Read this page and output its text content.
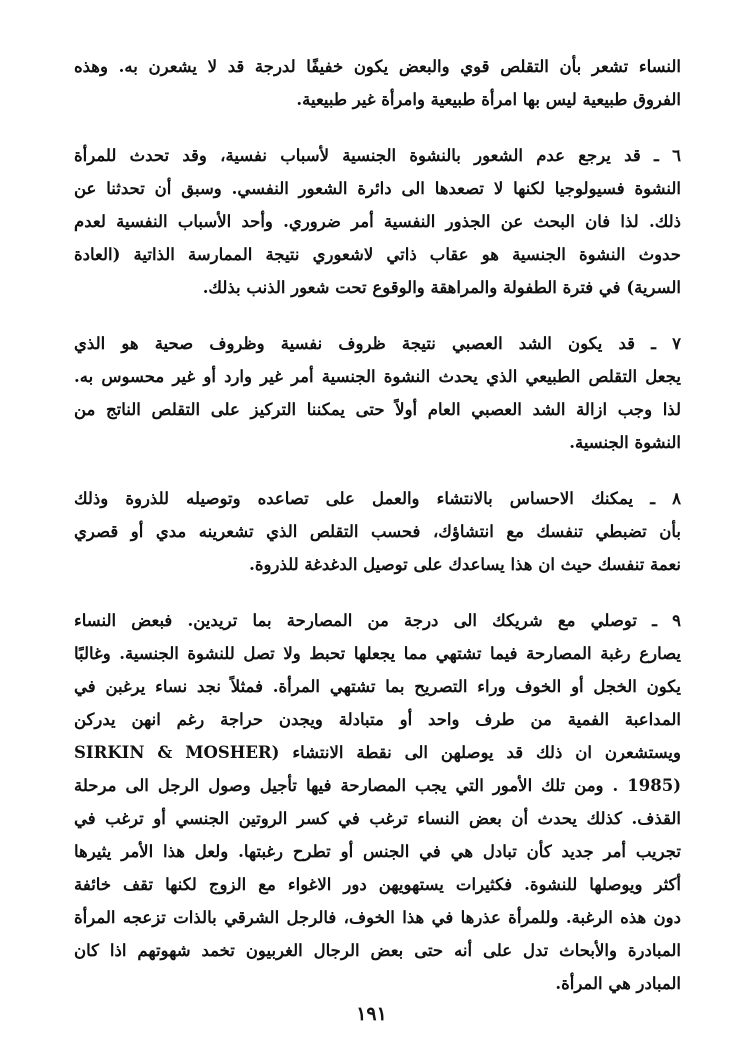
النساء تشعر بأن التقلص قوي والبعض يكون خفيفًا لدرجة قد لا يشعرن به. وهذه
الفروق طبيعية ليس بها امرأة طبيعية وامرأة غير طبيعية.
٦ ـ قد يرجع عدم الشعور بالنشوة الجنسية لأسباب نفسية، وقد تحدث للمرأة
النشوة فسيولوجيا لكنها لا تصعدها الى دائرة الشعور النفسي. وسبق أن تحدثنا عن
ذلك. لذا فان البحث عن الجذور النفسية أمر ضروري. وأحد الأسباب النفسية لعدم
حدوث النشوة الجنسية هو عقاب ذاتي لاشعوري نتيجة الممارسة الذاتية (العادة
السرية) في فترة الطفولة والمراهقة والوقوع تحت شعور الذنب بذلك.
٧ ـ قد يكون الشد العصبي نتيجة ظروف نفسية وظروف صحية هو الذي
يجعل التقلص الطبيعي الذي يحدث النشوة الجنسية أمر غير وارد أو غير محسوس به.
لذا وجب ازالة الشد العصبي العام أولاً حتى يمكننا التركيز على التقلص الناتج من
النشوة الجنسية.
٨ ـ يمكنك الاحساس بالانتشاء والعمل على تصاعده وتوصيله للذروة وذلك
بأن تضبطي تنفسك مع انتشاؤك، فحسب التقلص الذي تشعرينه مدي أو قصري
نعمة تنفسك حيث ان هذا يساعدك على توصيل الدغدغة للذروة.
٩ ـ توصلي مع شريكك الى درجة من المصارحة بما تريدين. فبعض النساء
يصارع رغبة المصارحة فيما تشتهي مما يجعلها تحبط ولا تصل للنشوة الجنسية. وغالبًا
يكون الخجل أو الخوف وراء التصريح بما تشتهي المرأة. فمثلاً نجد نساء يرغبن في
المداعبة الفمية من طرف واحد أو متبادلة ويجدن حراجة رغم انهن يدركن
ويستشعرن ان ذلك قد يوصلهن الى نقطة الانتشاء (SIRKIN & MOSHER
(1985 . ومن تلك الأمور التي يجب المصارحة فيها تأجيل وصول الرجل الى مرحلة
القذف. كذلك يحدث أن بعض النساء ترغب في كسر الروتين الجنسي أو ترغب في
تجريب أمر جديد كأن تبادل هي في الجنس أو تطرح رغبتها. ولعل هذا الأمر يثيرها
أكثر ويوصلها للنشوة. فكثيرات يستهويهن دور الاغواء مع الزوج لكنها تقف خائفة
دون هذه الرغبة. وللمرأة عذرها في هذا الخوف، فالرجل الشرقي بالذات تزعجه المرأة
المبادرة والأبحاث تدل على أنه حتى بعض الرجال الغربيون تخمد شهوتهم اذا كان
المبادر هي المرأة.
١٩١
